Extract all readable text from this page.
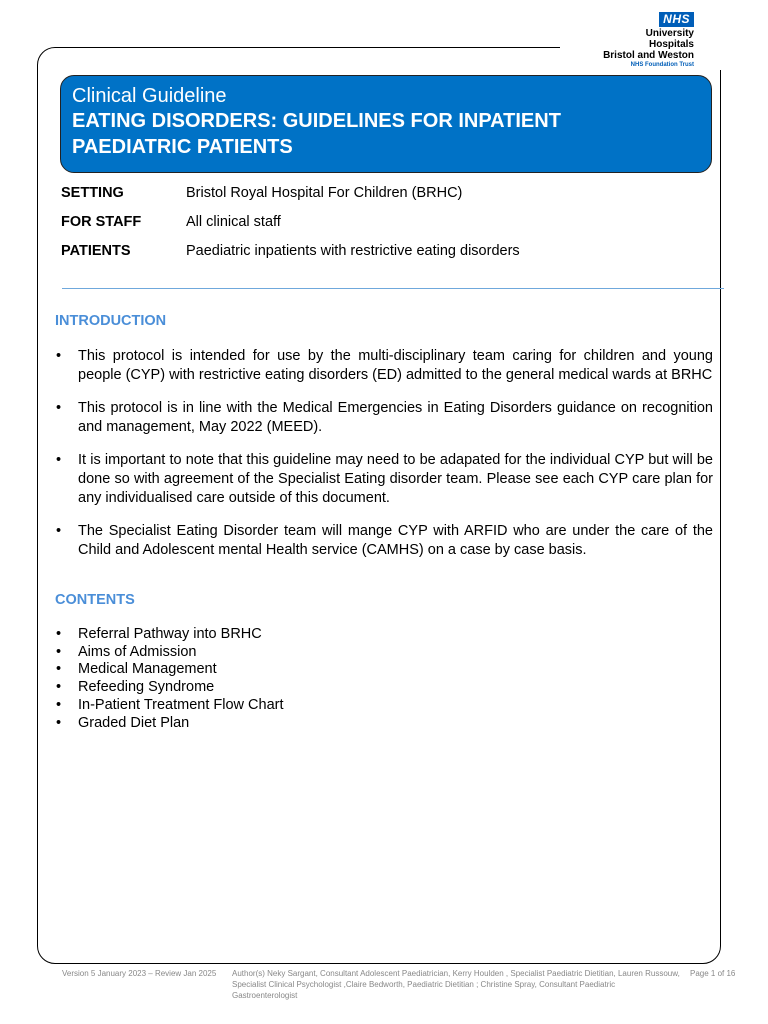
NHS
University Hospitals
Bristol and Weston
NHS Foundation Trust
Clinical Guideline
EATING DISORDERS: GUIDELINES FOR INPATIENT
PAEDIATRIC PATIENTS
SETTING	Bristol Royal Hospital For Children (BRHC)
FOR STAFF	All clinical staff
PATIENTS	Paediatric inpatients with restrictive eating disorders
INTRODUCTION
• This protocol is intended for use by the multi-disciplinary team caring for children and young people (CYP) with restrictive eating disorders (ED) admitted to the general medical wards at BRHC
• This protocol is in line with the Medical Emergencies in Eating Disorders guidance on recognition and management, May 2022 (MEED).
• It is important to note that this guideline may need to be adapated for the individual CYP but will be done so with agreement of the Specialist Eating disorder team. Please see each CYP care plan for any individualised care outside of this document.
• The Specialist Eating Disorder team will mange CYP with ARFID who are under the care of the Child and Adolescent mental Health service (CAMHS) on a case by case basis.
CONTENTS
• Referral Pathway into BRHC
• Aims of Admission
• Medical Management
• Refeeding Syndrome
• In-Patient Treatment Flow Chart
• Graded Diet Plan
Version 5 January 2023 – Review Jan 2025	Author(s) Neky Sargant, Consultant Adolescent Paediatrician, Kerry Houlden , Specialist Paediatric Dietitian, Lauren Russouw, Specialist Clinical Psychologist ,Claire Bedworth, Paediatric Dietitian ; Christine Spray, Consultant Paediatric Gastroenterologist
Page 1 of 16
